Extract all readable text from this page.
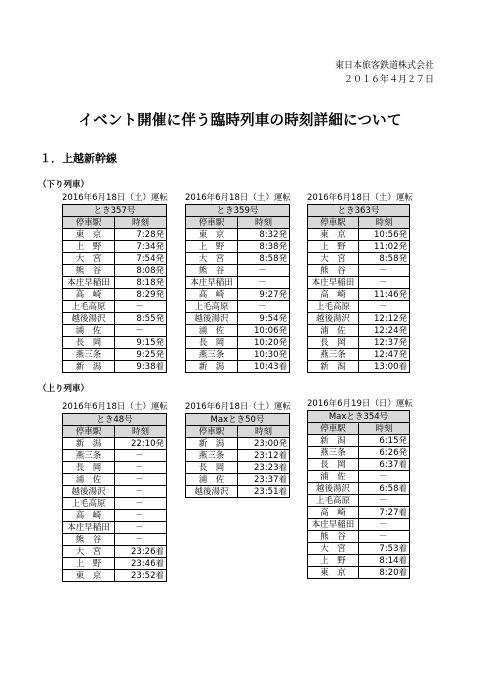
東日本旅客鉄道株式会社
２０１６年４月２７日
イベント開催に伴う臨時列車の時刻詳細について
１．上越新幹線
（下り列車）
2016年6月18日（土）運転
とき357号	
停車駅	時刻
東　京	7:28発
上　野	7:34発
大　宮	7:54発
熊　谷	8:08発
本庄早稲田	8:18発
高　崎	8:29発
上毛高原	－
越後湯沢	8:55発
浦　佐	－
長　岡	9:15発
燕三条	9:25発
新　潟	9:38着
2016年6月18日（土）運転
とき359号	
停車駅	時刻
東　京	8:32発
上　野	8:38発
大　宮	8:58発
熊　谷	－
本庄早稲田	－
高　崎	9:27発
上毛高原	－
越後湯沢	9:54発
浦　佐	10:06発
長　岡	10:20発
燕三条	10:30発
新　潟	10:43着
2016年6月18日（土）運転
とき363号	
停車駅	時刻
東　京	10:56発
上　野	11:02発
大　宮	8:58発
熊　谷	－
本庄早稲田	－
高　崎	11:46発
上毛高原	－
越後湯沢	12:12発
浦　佐	12:24発
長　岡	12:37発
燕三条	12:47発
新　潟	13:00着
（上り列車）
2016年6月18日（土）運転
とき48号	
停車駅	時刻
新　潟	22:10発
燕三条	－
長　岡	－
浦　佐	－
越後湯沢	－
上毛高原	－
高　崎	－
本庄早稲田	－
熊　谷	－
大　宮	23:26着
上　野	23:46着
東　京	23:52着
2016年6月18日（土）運転
Maxとき50号	
停車駅	時刻
新　潟	23:00発
燕三条	23:12着
長　岡	23:23着
浦　佐	23:37着
越後湯沢	23:51着
2016年6月19日（日）運転
Maxとき354号	
停車駅	時刻
新　潟	6:15発
燕三条	6:26発
長　岡	6:37着
浦　佐	－
越後湯沢	6:58着
上毛高原	－
高　崎	7:27着
本庄早稲田	－
熊　谷	－
大　宮	7:53着
上　野	8:14着
東　京	8:20着
